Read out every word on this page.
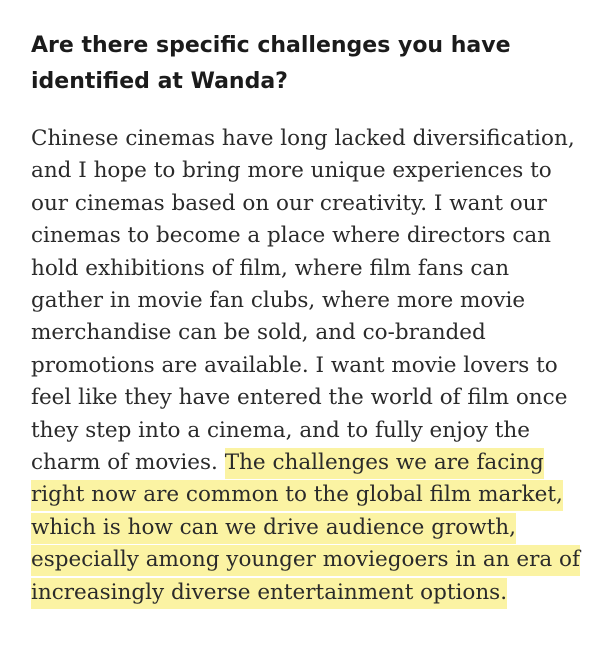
Are there specific challenges you have
identified at Wanda?

Chinese cinemas have long lacked diversification,
and I hope to bring more unique experiences to
our cinemas based on our creativity. I want our
cinemas to become a place where directors can
hold exhibitions of film, where film fans can
gather in movie fan clubs, where more movie
merchandise can be sold, and co-branded
promotions are available. I want movie lovers to
feel like they have entered the world of film once
they step into a cinema, and to fully enjoy the
charm of movies. The challenges we are facing
right now are common to the global film market,
which is how can we drive audience growth,
especially among younger moviegoers in an era of
increasingly diverse entertainment options.
